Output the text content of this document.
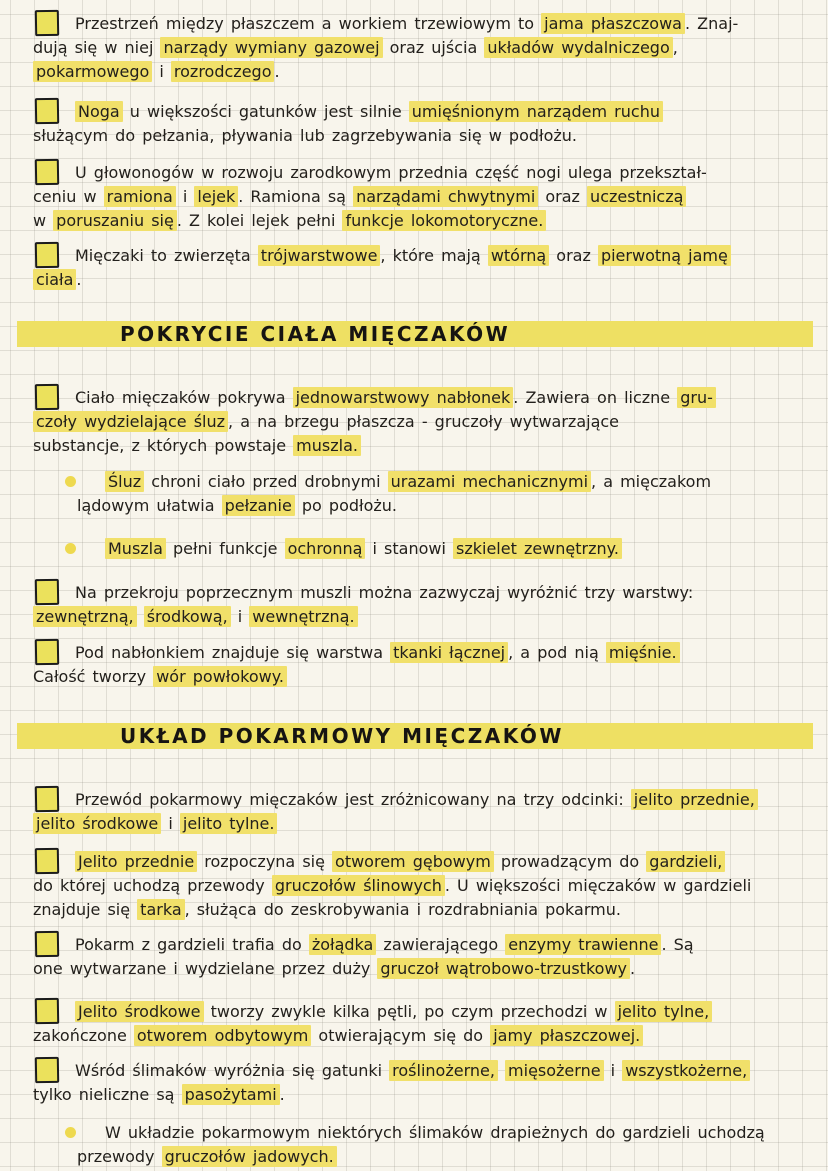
Przestrzeń między płaszczem a workiem trzewiowym to jama płaszczowa . Znaj-
dują się w niej narządy wymiany gazowej oraz ujścia układów wydalniczego ,
pokarmowego i rozrodczego .
Noga u większości gatunków jest silnie umięśnionym narządem ruchu
służącym do pełzania, pływania lub zagrzebywania się w podłożu.
U głowonogów w rozwoju zarodkowym przednia część nogi ulega przekształ-
ceniu w ramiona i lejek . Ramiona są narządami chwytnymi oraz uczestniczą
w poruszaniu się . Z kolei lejek pełni funkcje lokomotoryczne.
Mięczaki to zwierzęta trójwarstwowe , które mają wtórną oraz pierwotną jamę
ciała .
POKRYCIE CIAŁA MIĘCZAKÓW
Ciało mięczaków pokrywa jednowarstwowy nabłonek . Zawiera on liczne gru-
czoły wydzielające śluz , a na brzegu płaszcza - gruczoły wytwarzające
substancje, z których powstaje muszla.
Śluz chroni ciało przed drobnymi urazami mechanicznymi , a mięczakom
lądowym ułatwia pełzanie po podłożu.
Muszla pełni funkcje ochronną i stanowi szkielet zewnętrzny.
Na przekroju poprzecznym muszli można zazwyczaj wyróżnić trzy warstwy:
zewnętrzną, środkową, i wewnętrzną.
Pod nabłonkiem znajduje się warstwa tkanki łącznej , a pod nią mięśnie.
Całość tworzy wór powłokowy.
UKŁAD POKARMOWY MIĘCZAKÓW
Przewód pokarmowy mięczaków jest zróżnicowany na trzy odcinki: jelito przednie,
jelito środkowe i jelito tylne.
Jelito przednie rozpoczyna się otworem gębowym prowadzącym do gardzieli,
do której uchodzą przewody gruczołów ślinowych . U większości mięczaków w gardzieli
znajduje się tarka , służąca do zeskrobywania i rozdrabniania pokarmu.
Pokarm z gardzieli trafia do żołądka zawierającego enzymy trawienne . Są
one wytwarzane i wydzielane przez duży gruczoł wątrobowo-trzustkowy .
Jelito środkowe tworzy zwykle kilka pętli, po czym przechodzi w jelito tylne,
zakończone otworem odbytowym otwierającym się do jamy płaszczowej.
Wśród ślimaków wyróżnia się gatunki roślinożerne, mięsożerne i wszystkożerne,
tylko nieliczne są pasożytami .
W układzie pokarmowym niektórych ślimaków drapieżnych do gardzieli uchodzą
przewody gruczołów jadowych.
